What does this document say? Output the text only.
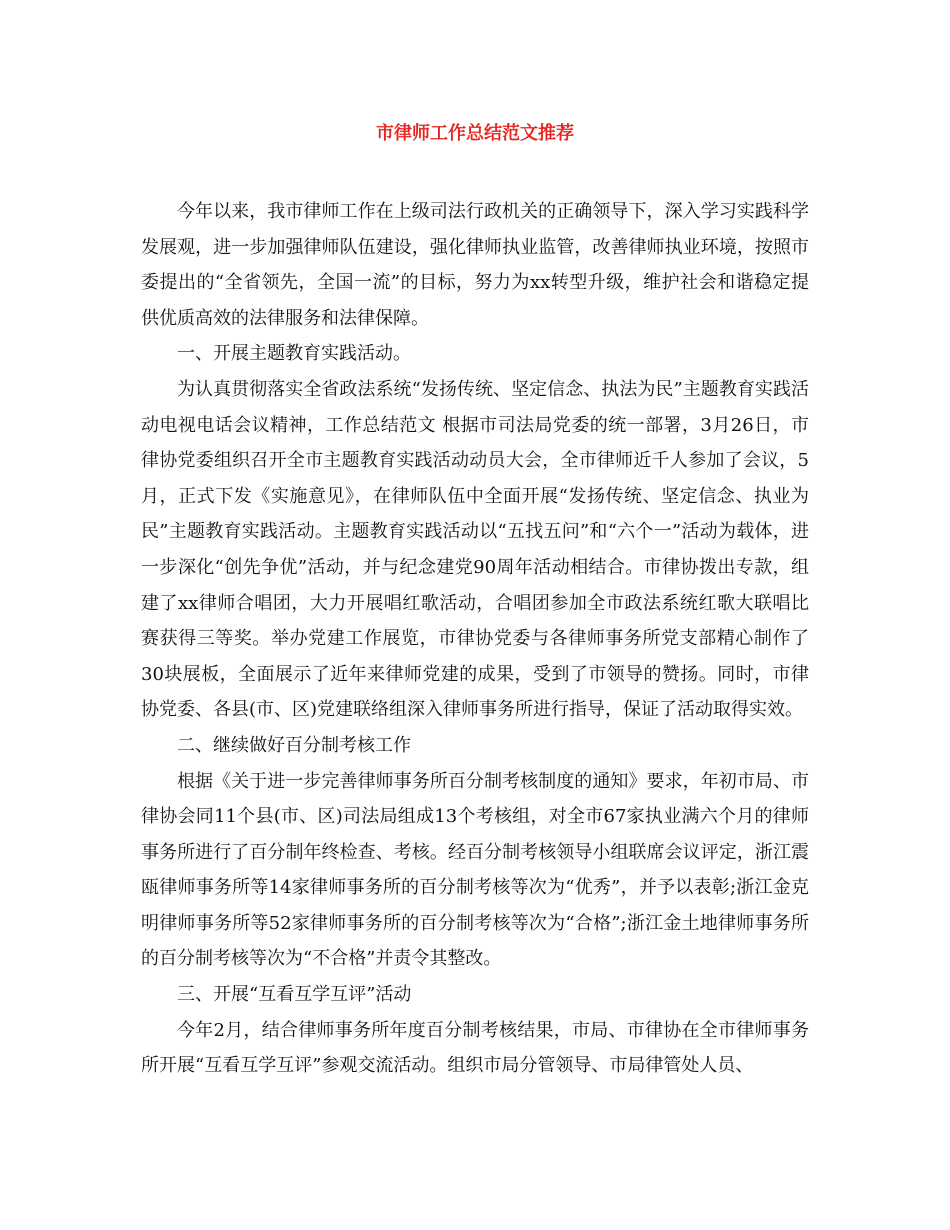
市律师工作总结范文推荐

今年以来，我市律师工作在上级司法行政机关的正确领导下，深入学习实践科学发展观，进一步加强律师队伍建设，强化律师执业监管，改善律师执业环境，按照市委提出的“全省领先，全国一流”的目标，努力为xx转型升级，维护社会和谐稳定提供优质高效的法律服务和法律保障。

一、开展主题教育实践活动。

为认真贯彻落实全省政法系统“发扬传统、坚定信念、执法为民”主题教育实践活动电视电话会议精神，工作总结范文 根据市司法局党委的统一部署，3月26日，市律协党委组织召开全市主题教育实践活动动员大会，全市律师近千人参加了会议，5月，正式下发《实施意见》，在律师队伍中全面开展“发扬传统、坚定信念、执业为民”主题教育实践活动。主题教育实践活动以“五找五问”和“六个一”活动为载体，进一步深化“创先争优”活动，并与纪念建党90周年活动相结合。市律协拨出专款，组建了xx律师合唱团，大力开展唱红歌活动，合唱团参加全市政法系统红歌大联唱比赛获得三等奖。举办党建工作展览，市律协党委与各律师事务所党支部精心制作了30块展板，全面展示了近年来律师党建的成果，受到了市领导的赞扬。同时，市律协党委、各县(市、区)党建联络组深入律师事务所进行指导，保证了活动取得实效。

二、继续做好百分制考核工作

根据《关于进一步完善律师事务所百分制考核制度的通知》要求，年初市局、市律协会同11个县(市、区)司法局组成13个考核组，对全市67家执业满六个月的律师事务所进行了百分制年终检查、考核。经百分制考核领导小组联席会议评定，浙江震瓯律师事务所等14家律师事务所的百分制考核等次为“优秀”，并予以表彰;浙江金克明律师事务所等52家律师事务所的百分制考核等次为“合格”;浙江金土地律师事务所的百分制考核等次为“不合格”并责令其整改。

三、开展“互看互学互评”活动

今年2月，结合律师事务所年度百分制考核结果，市局、市律协在全市律师事务所开展“互看互学互评”参观交流活动。组织市局分管领导、市局律管处人员、
